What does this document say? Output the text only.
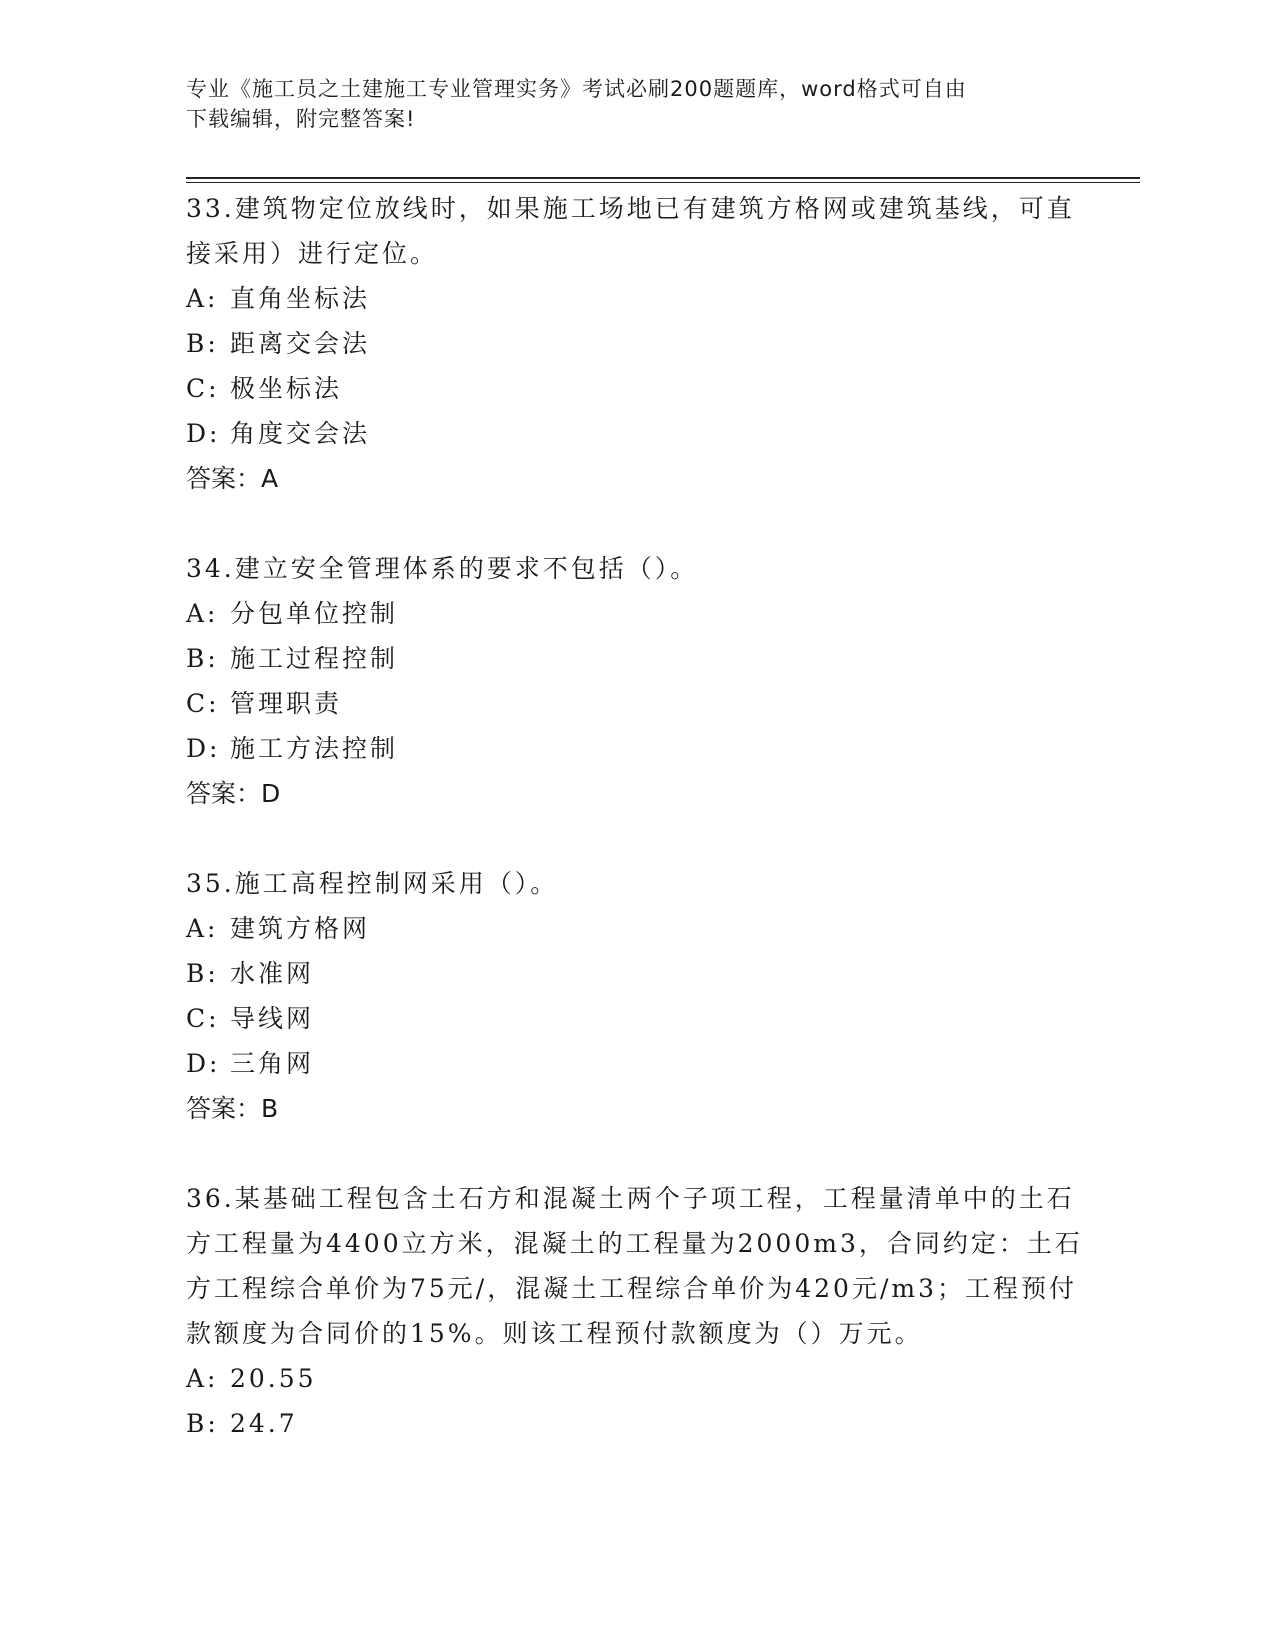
专业《施工员之土建施工专业管理实务》考试必刷200题题库，word格式可自由
下载编辑，附完整答案!

33.建筑物定位放线时，如果施工场地已有建筑方格网或建筑基线，可直接采用）进行定位。

A: 直角坐标法

B: 距离交会法

C: 极坐标法

D: 角度交会法

答案：A

34.建立安全管理体系的要求不包括（）。

A: 分包单位控制

B: 施工过程控制

C: 管理职责

D: 施工方法控制

答案：D

35.施工高程控制网采用（）。

A: 建筑方格网

B: 水准网

C: 导线网

D: 三角网

答案：B

36.某基础工程包含土石方和混凝土两个子项工程，工程量清单中的土石方工程量为4400立方米，混凝土的工程量为2000m3，合同约定：土石方工程综合单价为75元/，混凝土工程综合单价为420元/m3；工程预付款额度为合同价的15%。则该工程预付款额度为（）万元。

A: 20.55

B: 24.7
